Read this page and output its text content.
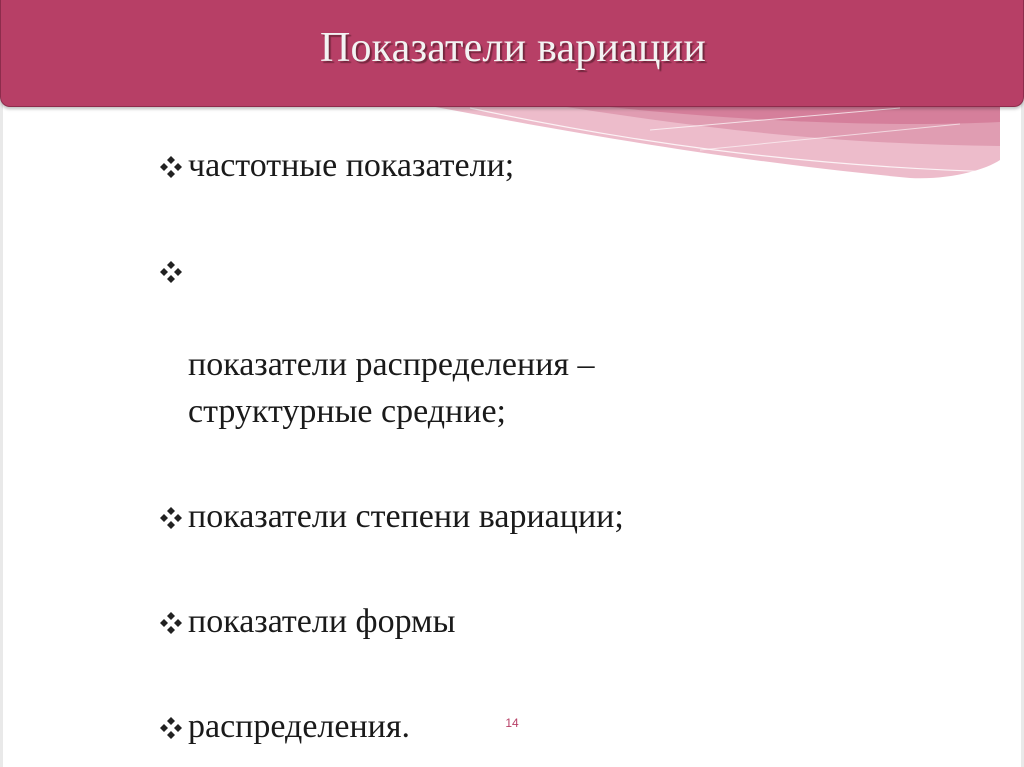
Показатели вариации
частотные показатели;

показатели распределения –
структурные средние;

показатели степени вариации;
показатели формы
распределения.	14
